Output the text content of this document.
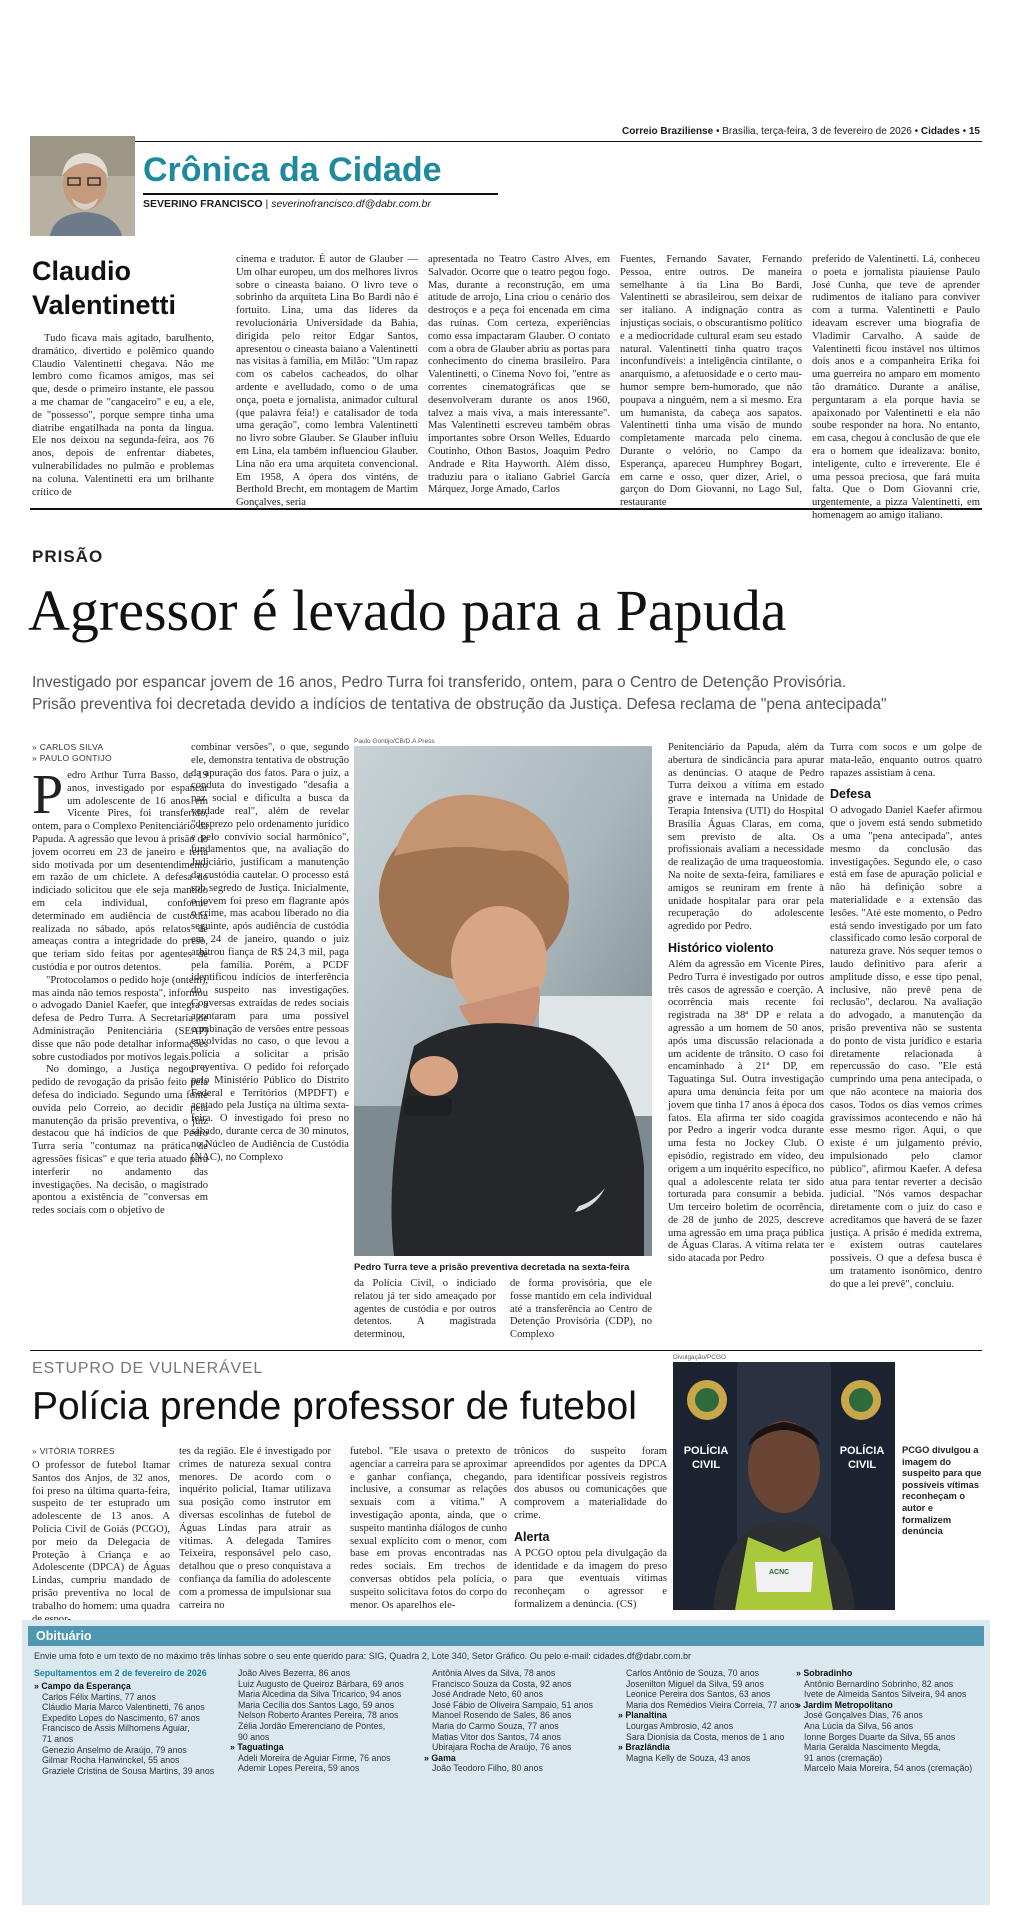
Correio Braziliense • Brasília, terça-feira, 3 de fevereiro de 2026 • Cidades • 15
Crônica da Cidade
SEVERINO FRANCISCO | severinofrancisco.df@dabr.com.br
Claudio
Valentinetti
Tudo ficava mais agitado, barulhento, dramático, divertido e polêmico quando Claudio Valentinetti chegava. Não me lembro como ficamos amigos, mas sei que, desde o primeiro instante, ele passou a me chamar de "cangaceiro" e eu, a ele, de "possesso", porque sempre tinha uma diatribe engatilhada na ponta da língua. Ele nos deixou na segunda-feira, aos 76 anos, depois de enfrentar diabetes, vulnerabilidades no pulmão e problemas na coluna. Valentinetti era um brilhante crítico de
cinema e tradutor. É autor de Glauber — Um olhar europeu, um dos melhores livros sobre o cineasta baiano. O livro teve o sobrinho da arquiteta Lina Bo Bardi não é fortuito. Lina, uma das líderes da revolucionária Universidade da Bahia, dirigida pelo reitor Edgar Santos, apresentou o cineasta baiano a Valentinetti nas visitas à família, em Milão: "Um rapaz com os cabelos cacheados, do olhar ardente e avelludado, como o de uma onça, poeta e jornalista, animador cultural (que palavra feia!) e catalisador de toda uma geração", como lembra Valentinetti no livro sobre Glauber. Se Glauber influiu em Lina, ela também influenciou Glauber. Lina não era uma arquiteta convencional. Em 1958, A ópera dos vinténs, de Berthold Brecht, em montagem de Martim Gonçalves, seria
apresentada no Teatro Castro Alves, em Salvador. Ocorre que o teatro pegou fogo. Mas, durante a reconstrução, em uma atitude de arrojo, Lina criou o cenário dos destroços e a peça foi encenada em cima das ruínas. Com certeza, experiências como essa impactaram Glauber. O contato com a obra de Glauber abriu as portas para conhecimento do cinema brasileiro. Para Valentinetti, o Cinema Novo foi, "entre as correntes cinematográficas que se desenvolveram durante os anos 1960, talvez a mais viva, a mais interessante". Mas Valentinetti escreveu também obras importantes sobre Orson Welles, Eduardo Coutinho, Othon Bastos, Joaquim Pedro Andrade e Rita Hayworth. Além disso, traduziu para o italiano Gabriel García Márquez, Jorge Amado, Carlos
Fuentes, Fernando Savater, Fernando Pessoa, entre outros. De maneira semelhante à tia Lina Bo Bardi, Valentinetti se abrasileirou, sem deixar de ser italiano. A indignação contra as injustiças sociais, o obscurantismo político e a mediocridade cultural eram seu estado natural. Valentinetti tinha quatro traços inconfundíveis: a inteligência cintilante, o anarquismo, a afetuosidade e o certo mau-humor sempre bem-humorado, que não poupava a ninguém, nem a si mesmo. Era um humanista, da cabeça aos sapatos. Valentinetti tinha uma visão de mundo completamente marcada pelo cinema. Durante o velório, no Campo da Esperança, apareceu Humphrey Bogart, em carne e osso, quer dizer, Ariel, o garçon do Dom Giovanni, no Lago Sul, restaurante
preferido de Valentinetti. Lá, conheceu o poeta e jornalista piauiense Paulo José Cunha, que teve de aprender rudimentos de italiano para conviver com a turma. Valentinetti e Paulo ideavam escrever uma biografia de Vladimir Carvalho. A saúde de Valentinetti ficou instável nos últimos dois anos e a companheira Erika foi uma guerreira no amparo em momento tão dramático. Durante a análise, perguntaram a ela porque havia se apaixonado por Valentinetti e ela não soube responder na hora. No entanto, em casa, chegou à conclusão de que ele era o homem que idealizava: bonito, inteligente, culto e irreverente. Ele é uma pessoa preciosa, que fará muita falta. Que o Dom Giovanni crie, urgentemente, a pizza Valentinetti, em homenagem ao amigo italiano.
PRISÃO
Agressor é levado para a Papuda
Investigado por espancar jovem de 16 anos, Pedro Turra foi transferido, ontem, para o Centro de Detenção Provisória.
Prisão preventiva foi decretada devido a indícios de tentativa de obstrução da Justiça. Defesa reclama de "pena antecipada"
» CARLOS SILVA
» PAULO GONTIJO

Pedro Arthur Turra Basso, de 19 anos, investigado por espancar um adolescente de 16 anos em Vicente Pires, foi transferido, ontem, para o Complexo Penitenciário da Papuda. A agressão que levou à prisão do jovem ocorreu em 23 de janeiro e teria sido motivada por um desentendimento em razão de um chiclete. A defesa do indiciado solicitou que ele seja mantido em cela individual, conforme determinado em audiência de custódia realizada no sábado, após relatos de ameaças contra a integridade do preso, que teriam sido feitas por agentes de custódia e por outros detentos.

"Protocolamos o pedido hoje (ontem), mas ainda não temos resposta", informou o advogado Daniel Kaefer, que integra a defesa de Pedro Turra. A Secretaria de Administração Penitenciária (SEAP) disse que não pode detalhar informações sobre custodiados por motivos legais.

No domingo, a Justiça negou o pedido de revogação da prisão feito pela defesa do indiciado. Segundo uma fonte ouvida pelo Correio, ao decidir pela manutenção da prisão preventiva, o juiz destacou que há indícios de que Pedro Turra seria "contumaz na prática de agressões físicas" e que teria atuado para interferir no andamento das investigações. Na decisão, o magistrado apontou a existência de "conversas em redes sociais com o objetivo de

combinar versões", o que, segundo ele, demonstra tentativa de obstrução da apuração dos fatos. Para o juiz, a conduta do investigado "desafia a paz social e dificulta a busca da verdade real", além de revelar "desprezo pelo ordenamento jurídico e pelo convívio social harmônico", fundamentos que, na avaliação do Judiciário, justificam a manutenção da custódia cautelar. O processo está sob segredo de Justiça. Inicialmente, o jovem foi preso em flagrante após o crime, mas acabou liberado no dia seguinte, após audiência de custódia em 24 de janeiro, quando o juiz arbitrou fiança de R$ 24,3 mil, paga pela família. Porém, a PCDF identificou indícios de interferência do suspeito nas investigações. Conversas extraídas de redes sociais apontaram para uma possível combinação de versões entre pessoas envolvidas no caso, o que levou a polícia a solicitar a prisão preventiva. O pedido foi reforçado pelo Ministério Público do Distrito Federal e Territórios (MPDFT) e acatado pela Justiça na última sexta-feira. O investigado foi preso no sábado, durante cerca de 30 minutos, no Núcleo de Audiência de Custódia (NAC), no Complexo
Paulo Gontijo/CB/D.A Press
Pedro Turra teve a prisão preventiva decretada na sexta-feira
da Polícia Civil, o indiciado relatou já ter sido ameaçado por agentes de custódia e por outros detentos. A magistrada determinou,
de forma provisória, que ele fosse mantido em cela individual até a transferência ao Centro de Detenção Provisória (CDP), no Complexo
Penitenciário da Papuda, além da abertura de sindicância para apurar as denúncias. O ataque de Pedro Turra deixou a vítima em estado grave e internada na Unidade de Terapia Intensiva (UTI) do Hospital Brasília Águas Claras, em coma, sem previsto de alta. Os profissionais avaliam a necessidade de realização de uma traqueostomia. Na noite de sexta-feira, familiares e amigos se reuniram em frente à unidade hospitalar para orar pela recuperação do adolescente agredido por Pedro.
Histórico violento
Além da agressão em Vicente Pires, Pedro Turra é investigado por outros três casos de agressão e coerção. A ocorrência mais recente foi registrada na 38ª DP e relata a agressão a um homem de 50 anos, após uma discussão relacionada a um acidente de trânsito. O caso foi encaminhado à 21ª DP, em Taguatinga Sul. Outra investigação apura uma denúncia feita por um jovem que tinha 17 anos à época dos fatos. Ela afirma ter sido coagida por Pedro a ingerir vodca durante uma festa no Jockey Club. O episódio, registrado em vídeo, deu origem a um inquérito específico, no qual a adolescente relata ter sido torturada para consumir a bebida. Um terceiro boletim de ocorrência, de 28 de junho de 2025, descreve uma agressão em uma praça pública de Águas Claras. A vítima relata ter sido atacada por Pedro
Turra com socos e um golpe de mata-leão, enquanto outros quatro rapazes assistiam à cena.
Defesa
O advogado Daniel Kaefer afirmou que o jovem está sendo submetido a uma "pena antecipada", antes mesmo da conclusão das investigações. Segundo ele, o caso está em fase de apuração policial e não há definição sobre a materialidade e a extensão das lesões. "Até este momento, o Pedro está sendo investigado por um fato classificado como lesão corporal de natureza grave. Nós sequer temos o laudo definitivo para aferir a amplitude disso, e esse tipo penal, inclusive, não prevê pena de reclusão", declarou. Na avaliação do advogado, a manutenção da prisão preventiva não se sustenta do ponto de vista jurídico e estaria diretamente relacionada à repercussão do caso. "Ele está cumprindo uma pena antecipada, o que não acontece na maioria dos casos. Todos os dias vemos crimes gravíssimos acontecendo e não há esse mesmo rigor. Aqui, o que existe é um julgamento prévio, impulsionado pelo clamor público", afirmou Kaefer. A defesa atua para tentar reverter a decisão judicial. "Nós vamos despachar diretamente com o juiz do caso e acreditamos que haverá de se fazer justiça. A prisão é medida extrema, e existem outras cautelares possíveis. O que a defesa busca é um tratamento isonômico, dentro do que a lei prevê", concluiu.
ESTUPRO DE VULNERÁVEL
Polícia prende professor de futebol
» VITÓRIA TORRES
O professor de futebol Itamar Santos dos Anjos, de 32 anos, foi preso na última quarta-feira, suspeito de ter estuprado um adolescente de 13 anos. A Polícia Civil de Goiás (PCGO), por meio da Delegacia de Proteção à Criança e ao Adolescente (DPCA) de Águas Lindas, cumpriu mandado de prisão preventiva no local de trabalho do homem: uma quadra
tes da região. Ele é investigado por crimes de natureza sexual contra menores. De acordo com o inquérito policial, Itamar utilizava sua posição como instrutor em diversas escolinhas de futebol de Águas Lindas para atrair as vítimas. A delegada Tamires Teixeira, responsável pelo caso, detalhou que o preso conquistava a confiança da família do adolescente com a promessa de impulsionar sua carreira no
futebol. "Ele usava o pretexto de agenciar a carreira para se aproximar e ganhar confiança, chegando, inclusive, a consumar as relações sexuais com a vítima." A investigação aponta, ainda, que o suspeito mantinha diálogos de cunho sexual explícito com o menor, com base em provas encontradas nas redes sociais. Em trechos de conversas obtidos pela polícia, o suspeito solicitava fotos do corpo do menor. Os aparelhos ele-
trônicos do suspeito foram apreendidos por agentes da DPCA para identificar possíveis registros dos abusos ou comunicações que comprovem a materialidade do crime.
Alerta
A PCGO optou pela divulgação da identidade e da imagem do preso para que eventuais vítimas reconheçam o agressor e formalizem a denúncia. (CS)
Divulgação/PCGO
POLÍCIA
CIVIL
POLÍCIA
CIVIL
ACNC
PCGO divulgou a imagem do suspeito para que possíveis vítimas reconheçam o autor e formalizem denúncia
Obituário
Envie uma foto e um texto de no máximo três linhas sobre o seu ente querido para: SIG, Quadra 2, Lote 340, Setor Gráfico. Ou pelo e-mail: cidades.df@dabr.com.br
Sepultamentos em 2 de fevereiro de 2026
» Campo da Esperança
Carlos Félix Martins, 77 anos
Cláudio Maria Marco Valentinetti, 76 anos
Expedito Lopes do Nascimento, 67 anos
Francisco de Assis Milhomens Aguiar,
71 anos
Genezio Anselmo de Araújo, 79 anos
Gilmar Rocha Hanwinckel, 55 anos
Graziele Cristina de Sousa Martins, 39 anos
João Alves Bezerra, 86 anos
Luiz Augusto de Queiroz Bárbara, 69 anos
Maria Alcedina da Silva Tricarico, 94 anos
Maria Cecília dos Santos Lago, 59 anos
Nelson Roberto Arantes Pereira, 78 anos
Zélia Jordão Emerenciano de Pontes,
90 anos
» Taguatinga
Adeli Moreira de Aguiar Firme, 76 anos
Ademir Lopes Pereira, 59 anos
Antônia Alves da Silva, 78 anos
Francisco Souza da Costa, 92 anos
José Andrade Neto, 60 anos
José Fábio de Oliveira Sampaio, 51 anos
Manoel Rosendo de Sales, 86 anos
Maria do Carmo Souza, 77 anos
Matias Vitor dos Santos, 74 anos
Ubirajara Rocha de Araújo, 76 anos
» Gama
João Teodoro Filho, 80 anos
Carlos Antônio de Souza, 70 anos
Josenilton Miguel da Silva, 59 anos
Leonice Pereira dos Santos, 63 anos
Maria dos Remédios Vieira Correia, 77 anos
» Planaltina
Lourgas Ambrosio, 42 anos
Sara Dionísia da Costa, menos de 1 ano
» Brazlândia
Magna Kelly de Souza, 43 anos
» Sobradinho
Antônio Bernardino Sobrinho, 82 anos
Ivete de Almeida Santos Silveira, 94 anos
» Jardim Metropolitano
José Gonçalves Dias, 76 anos
Ana Lúcia da Silva, 56 anos
Ionne Borges Duarte da Silva, 55 anos
Maria Geralda Nascimento Megda,
91 anos (cremação)
Marcelo Maia Moreira, 54 anos (cremação)
